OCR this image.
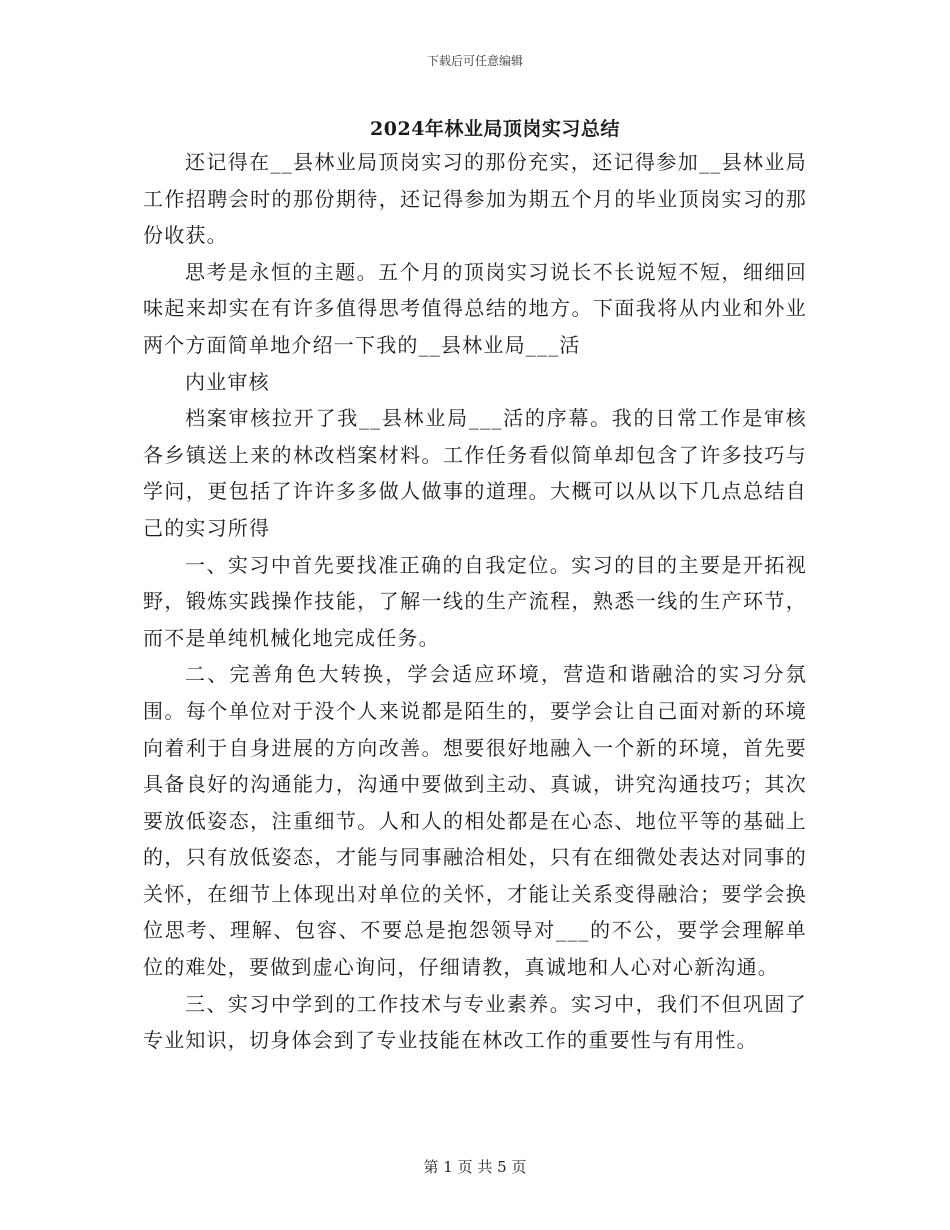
下载后可任意编辑
2024年林业局顶岗实习总结

还记得在__县林业局顶岗实习的那份充实，还记得参加__县林业局工作招聘会时的那份期待，还记得参加为期五个月的毕业顶岗实习的那份收获。

思考是永恒的主题。五个月的顶岗实习说长不长说短不短，细细回味起来却实在有许多值得思考值得总结的地方。下面我将从内业和外业两个方面简单地介绍一下我的__县林业局___活

内业审核

档案审核拉开了我__县林业局___活的序幕。我的日常工作是审核各乡镇送上来的林改档案材料。工作任务看似简单却包含了许多技巧与学问，更包括了许许多多做人做事的道理。大概可以从以下几点总结自己的实习所得

一、实习中首先要找准正确的自我定位。实习的目的主要是开拓视野，锻炼实践操作技能，了解一线的生产流程，熟悉一线的生产环节，而不是单纯机械化地完成任务。

二、完善角色大转换，学会适应环境，营造和谐融洽的实习分氛围。每个单位对于没个人来说都是陌生的，要学会让自己面对新的环境向着利于自身进展的方向改善。想要很好地融入一个新的环境，首先要具备良好的沟通能力，沟通中要做到主动、真诚，讲究沟通技巧；其次要放低姿态，注重细节。人和人的相处都是在心态、地位平等的基础上的，只有放低姿态，才能与同事融洽相处，只有在细微处表达对同事的关怀，在细节上体现出对单位的关怀，才能让关系变得融洽；要学会换位思考、理解、包容、不要总是抱怨领导对___的不公，要学会理解单位的难处，要做到虚心询问，仔细请教，真诚地和人心对心新沟通。

三、实习中学到的工作技术与专业素养。实习中，我们不但巩固了专业知识，切身体会到了专业技能在林改工作的重要性与有用性。

第 1 页 共 5 页
